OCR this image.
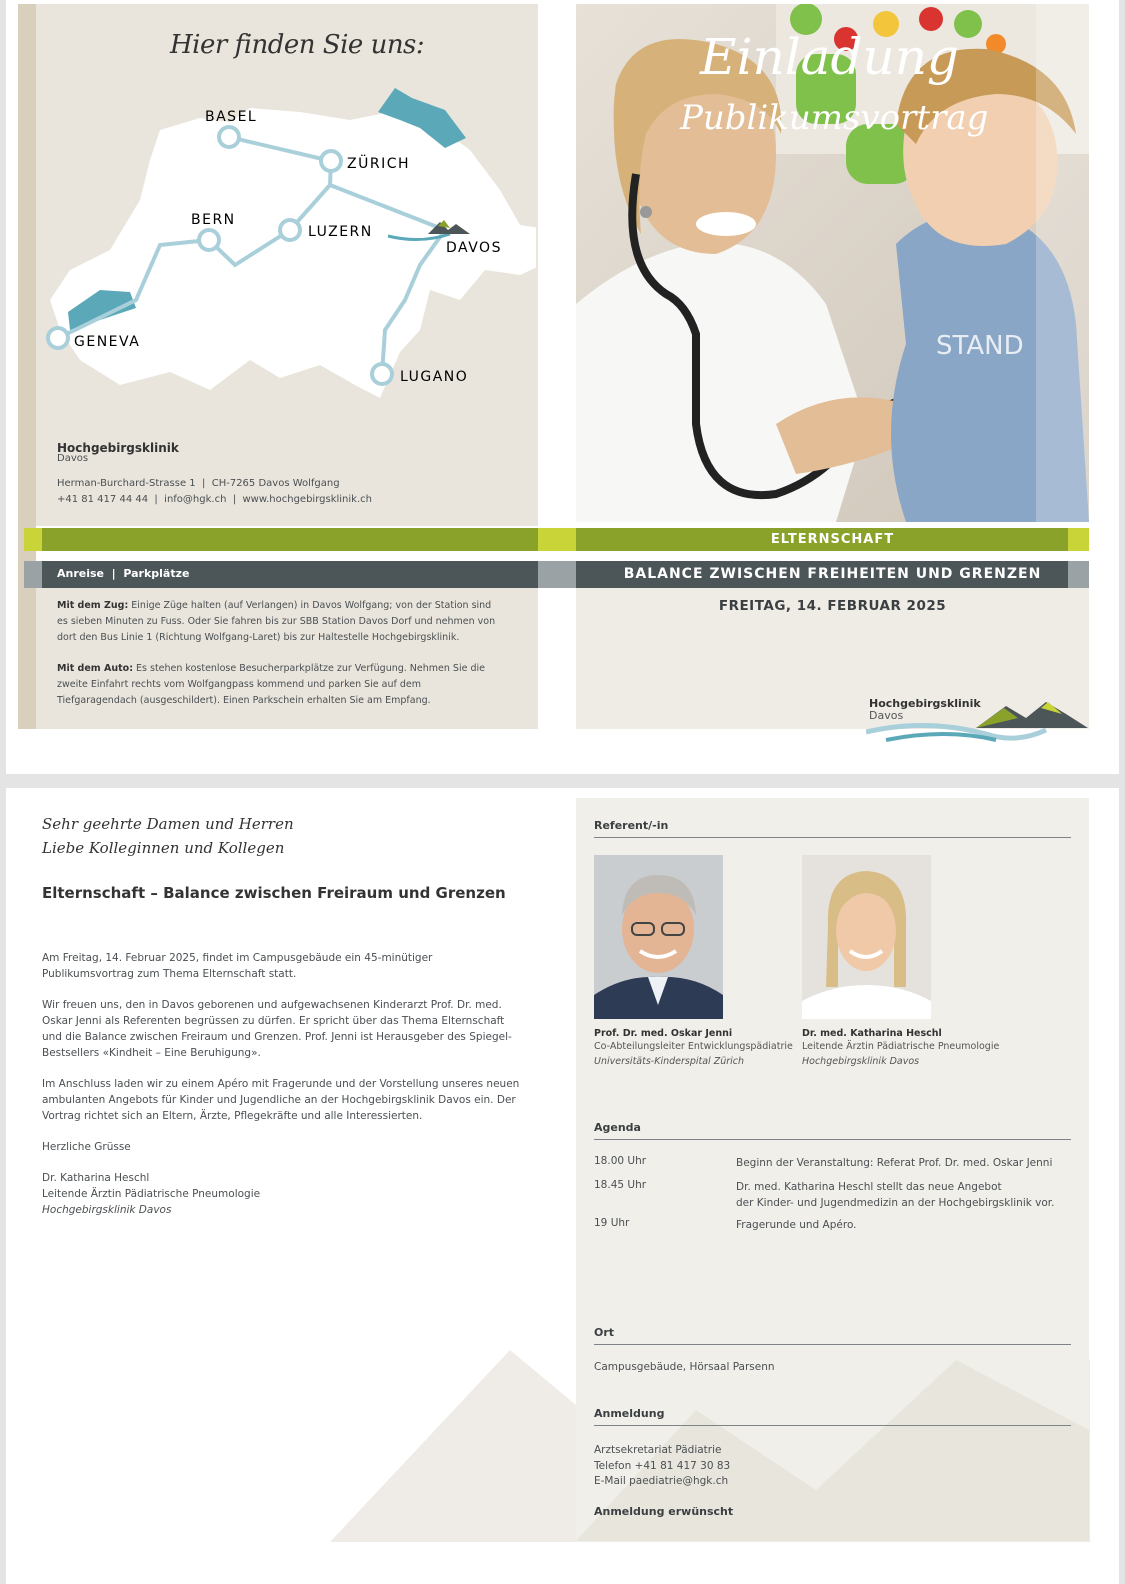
Hier finden Sie uns:
BASEL
ZÜRICH
BERN
LUZERN
DAVOS
GENEVA
LUGANO
Hochgebirgsklinik
Davos
Herman-Burchard-Strasse 1  |  CH-7265 Davos Wolfgang
+41 81 417 44 44  |  info@hgk.ch  |  www.hochgebirgsklinik.ch
Anreise  |  Parkplätze

Mit dem Zug: Einige Züge halten (auf Verlangen) in Davos Wolfgang; von der Station sind es sieben Minuten zu Fuss. Oder Sie fahren bis zur SBB Station Davos Dorf und nehmen von dort den Bus Linie 1 (Richtung Wolfgang-Laret) bis zur Haltestelle Hochgebirgsklinik.

Mit dem Auto: Es stehen kostenlose Besucherparkplätze zur Verfügung. Nehmen Sie die zweite Einfahrt rechts vom Wolfgangpass kommend und parken Sie auf dem Tiefgaragendach (ausgeschildert). Einen Parkschein erhalten Sie am Empfang.

STAND
Einladung
Publikumsvortrag
ELTERNSCHAFT
BALANCE ZWISCHEN FREIHEITEN UND GRENZEN
FREITAG, 14. FEBRUAR 2025
Hochgebirgsklinik
Davos
Sehr geehrte Damen und Herren
Liebe Kolleginnen und Kollegen
Elternschaft – Balance zwischen Freiraum und Grenzen

Am Freitag, 14. Februar 2025, findet im Campusgebäude ein 45-minütiger Publikumsvortrag zum Thema Elternschaft statt.

Wir freuen uns, den in Davos geborenen und aufgewachsenen Kinderarzt Prof. Dr. med. Oskar Jenni als Referenten begrüssen zu dürfen. Er spricht über das Thema Elternschaft und die Balance zwischen Freiraum und Grenzen. Prof. Jenni ist Herausgeber des Spiegel-Bestsellers «Kindheit – Eine Beruhigung».

Im Anschluss laden wir zu einem Apéro mit Fragerunde und der Vorstellung unseres neuen ambulanten Angebots für Kinder und Jugendliche an der Hochgebirgsklinik Davos ein. Der Vortrag richtet sich an Eltern, Ärzte, Pflegekräfte und alle Interessierten.

Herzliche Grüsse

Dr. Katharina Heschl
Leitende Ärztin Pädiatrische Pneumologie
Hochgebirgsklinik Davos
Referent/-in
Prof. Dr. med. Oskar Jenni
Co-Abteilungsleiter Entwicklungspädiatrie
Universitäts-Kinderspital Zürich
Dr. med. Katharina Heschl
Leitende Ärztin Pädiatrische Pneumologie
Hochgebirgsklinik Davos
Agenda
18.00 Uhr	Beginn der Veranstaltung: Referat Prof. Dr. med. Oskar Jenni
18.45 Uhr	Dr. med. Katharina Heschl stellt das neue Angebot
der Kinder- und Jugendmedizin an der Hochgebirgsklinik vor.
19 Uhr	Fragerunde und Apéro.
Ort
Campusgebäude, Hörsaal Parsenn
Anmeldung
Arztsekretariat Pädiatrie
Telefon +41 81 417 30 83
E-Mail paediatrie@hgk.ch
Anmeldung erwünscht
